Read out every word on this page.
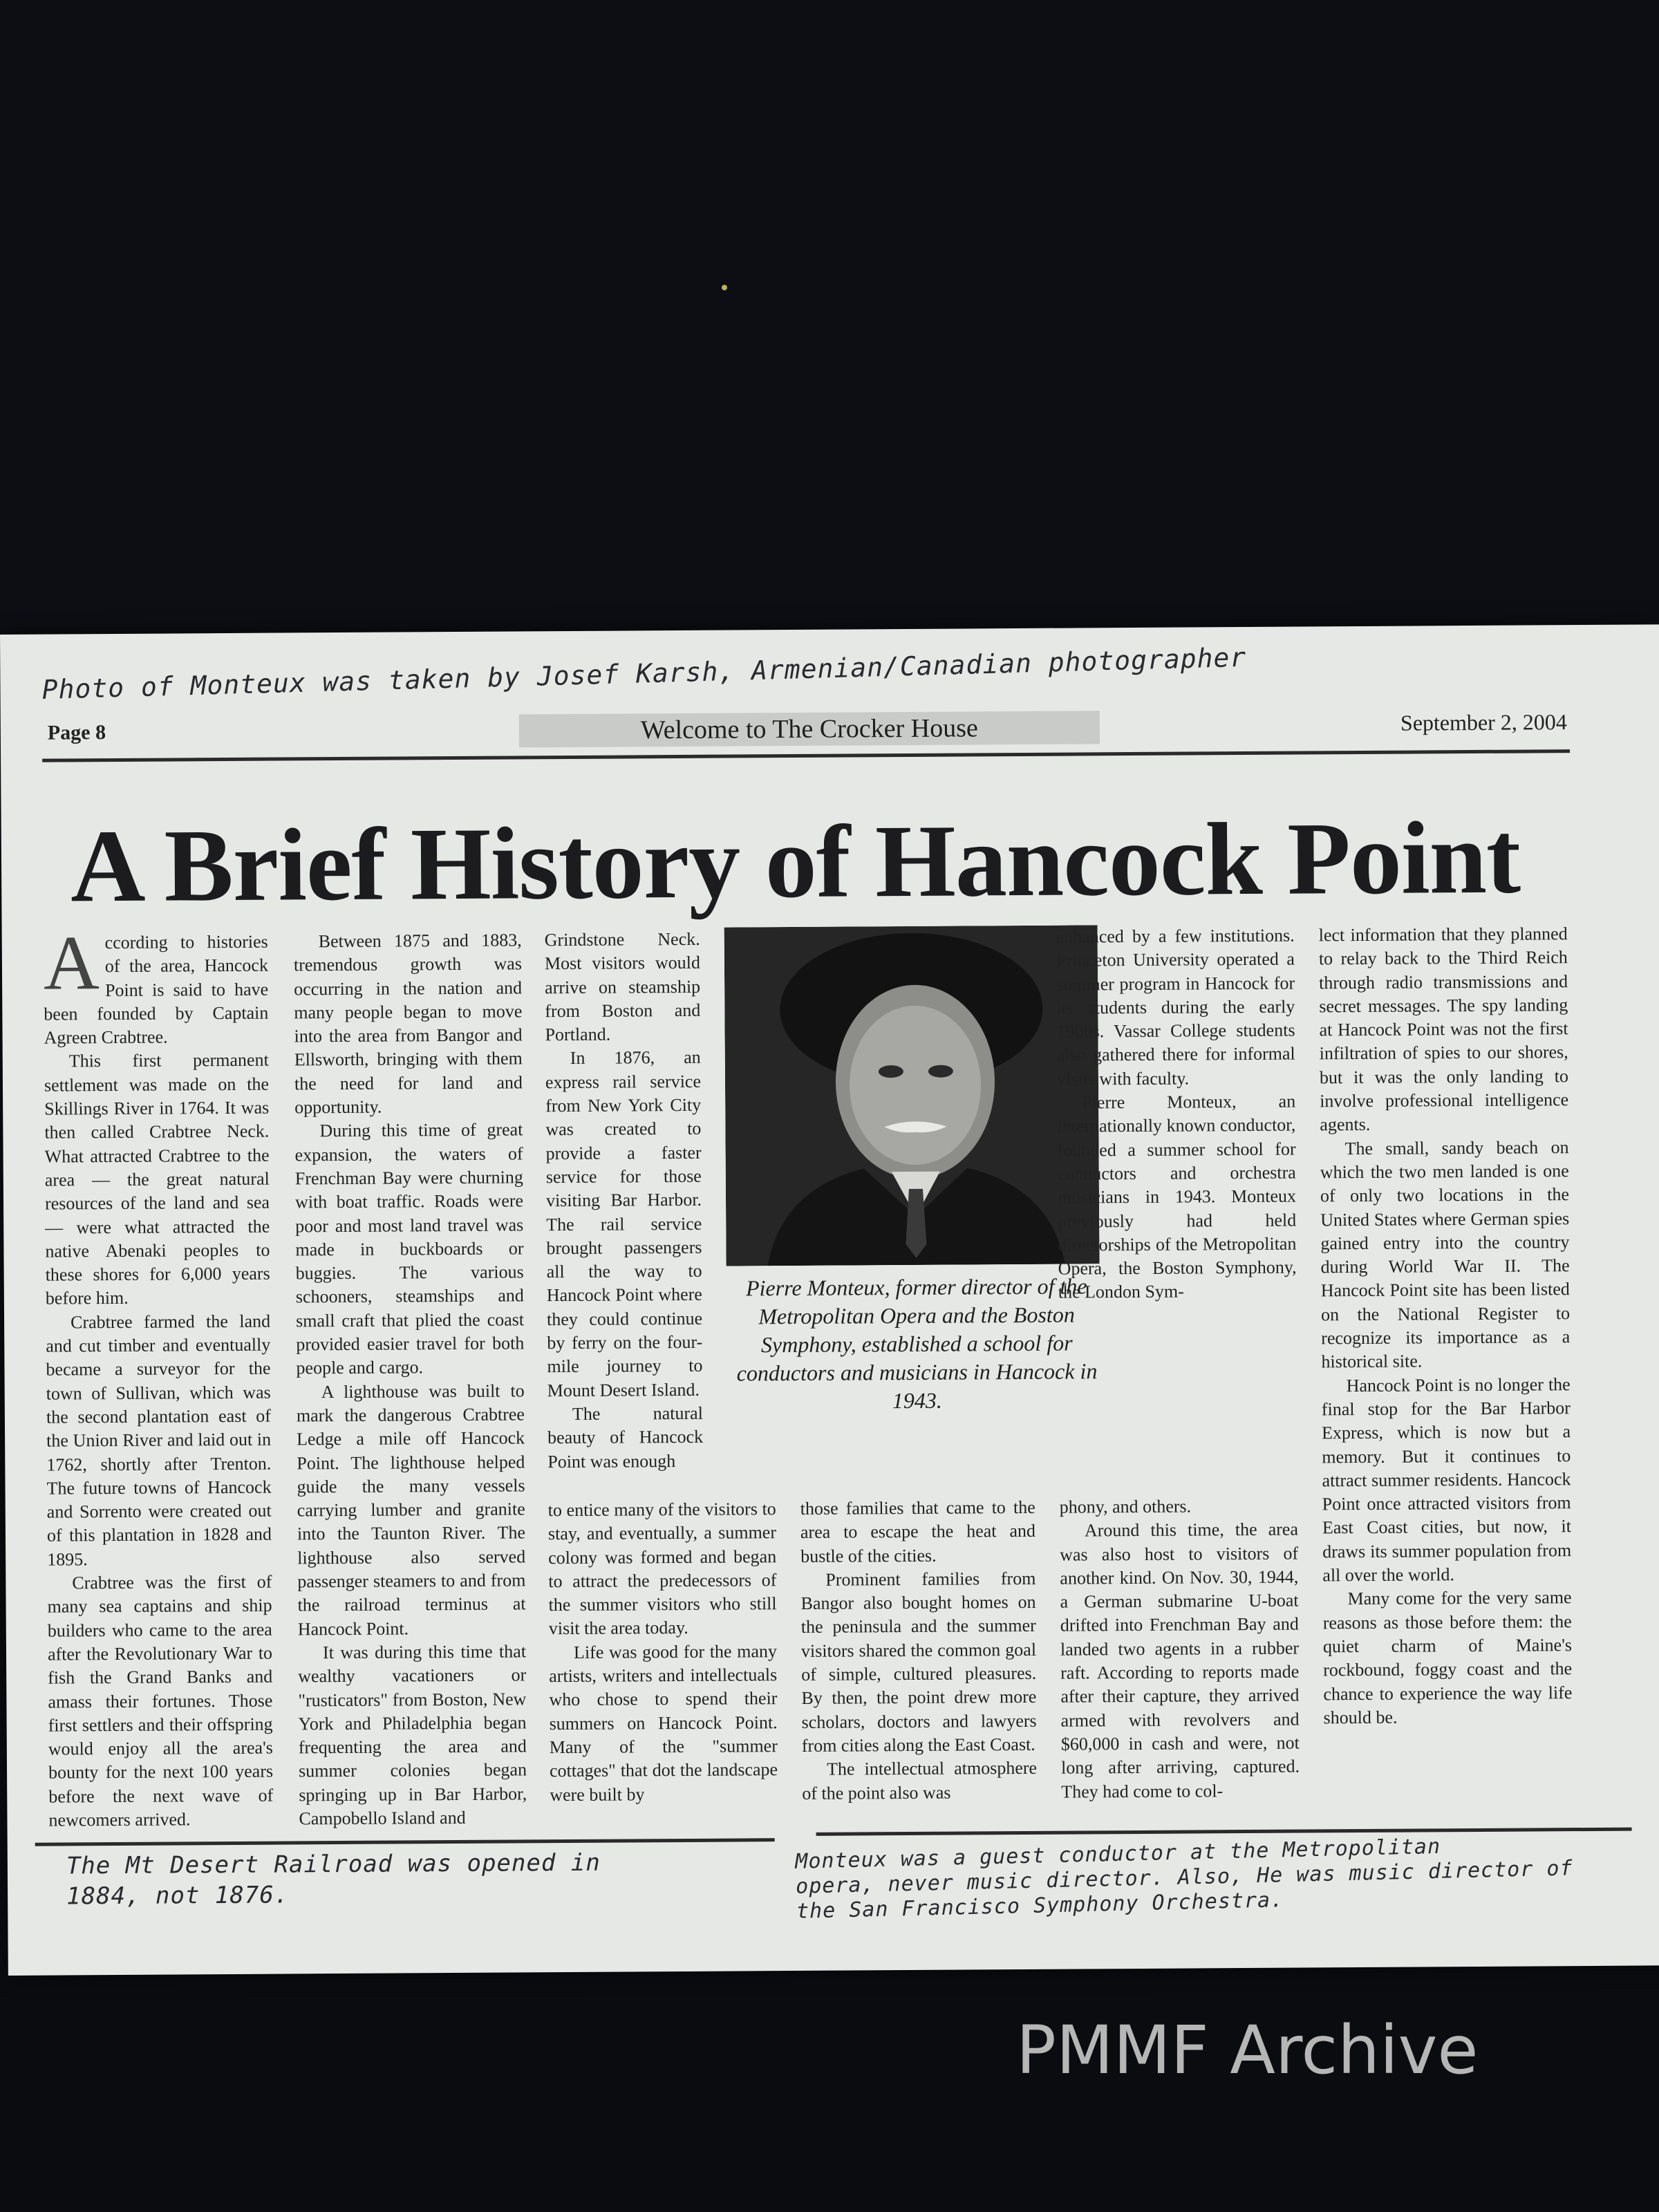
Photo of Monteux was taken by Josef Karsh, Armenian/Canadian photographer
Page 8	Welcome to The Crocker House	September 2, 2004
A Brief History of Hancock Point

According to histories of the area, Hancock Point is said to have been founded by Captain Agreen Crabtree.

This first permanent settlement was made on the Skillings River in 1764. It was then called Crabtree Neck. What attracted Crabtree to the area — the great natural resources of the land and sea — were what attracted the native Abenaki peoples to these shores for 6,000 years before him.

Crabtree farmed the land and cut timber and eventually became a surveyor for the town of Sullivan, which was the second plantation east of the Union River and laid out in 1762, shortly after Trenton. The future towns of Hancock and Sorrento were created out of this plantation in 1828 and 1895.

Crabtree was the first of many sea captains and ship builders who came to the area after the Revolutionary War to fish the Grand Banks and amass their fortunes. Those first settlers and their offspring would enjoy all the area's bounty for the next 100 years before the next wave of newcomers arrived.

Between 1875 and 1883, tremendous growth was occurring in the nation and many people began to move into the area from Bangor and Ellsworth, bringing with them the need for land and opportunity.

During this time of great expansion, the waters of Frenchman Bay were churning with boat traffic. Roads were poor and most land travel was made in buckboards or buggies. The various schooners, steamships and small craft that plied the coast provided easier travel for both people and cargo.

A lighthouse was built to mark the dangerous Crabtree Ledge a mile off Hancock Point. The lighthouse helped guide the many vessels carrying lumber and granite into the Taunton River. The lighthouse also served passenger steamers to and from the railroad terminus at Hancock Point.

It was during this time that wealthy vacationers or "rusticators" from Boston, New York and Philadelphia began frequenting the area and summer colonies began springing up in Bar Harbor, Campobello Island and

Grindstone Neck. Most visitors would arrive on steamship from Boston and Portland.

In 1876, an express rail service from New York City was created to provide a faster service for those visiting Bar Harbor. The rail service brought passengers all the way to Hancock Point where they could continue by ferry on the four-mile journey to Mount Desert Island.

The natural beauty of Hancock Point was enough

Pierre Monteux, former director of the Metropolitan Opera and the Boston Symphony, established a school for conductors and musicians in Hancock in 1943.

to entice many of the visitors to stay, and eventually, a summer colony was formed and began to attract the predecessors of the summer visitors who still visit the area today.

Life was good for the many artists, writers and intellectuals who chose to spend their summers on Hancock Point. Many of the "summer cottages" that dot the landscape were built by

those families that came to the area to escape the heat and bustle of the cities.

Prominent families from Bangor also bought homes on the peninsula and the summer visitors shared the common goal of simple, cultured pleasures. By then, the point drew more scholars, doctors and lawyers from cities along the East Coast.

The intellectual atmosphere of the point also was

enhanced by a few institutions. Princeton University operated a summer program in Hancock for its students during the early 1900s. Vassar College students also gathered there for informal visits with faculty.

Pierre Monteux, an internationally known conductor, founded a summer school for conductors and orchestra musicians in 1943. Monteux previously had held directorships of the Metropolitan Opera, the Boston Symphony, the London Sym-

phony, and others.

Around this time, the area was also host to visitors of another kind. On Nov. 30, 1944, a German submarine U-boat drifted into Frenchman Bay and landed two agents in a rubber raft. According to reports made after their capture, they arrived armed with revolvers and $60,000 in cash and were, not long after arriving, captured. They had come to col-

lect information that they planned to relay back to the Third Reich through radio transmissions and secret messages. The spy landing at Hancock Point was not the first infiltration of spies to our shores, but it was the only landing to involve professional intelligence agents.

The small, sandy beach on which the two men landed is one of only two locations in the United States where German spies gained entry into the country during World War II. The Hancock Point site has been listed on the National Register to recognize its importance as a historical site.

Hancock Point is no longer the final stop for the Bar Harbor Express, which is now but a memory. But it continues to attract summer residents. Hancock Point once attracted visitors from East Coast cities, but now, it draws its summer population from all over the world.

Many come for the very same reasons as those before them: the quiet charm of Maine's rockbound, foggy coast and the chance to experience the way life should be.

The Mt Desert Railroad was opened in
1884, not 1876.
Monteux was a guest conductor at the Metropolitan
opera, never music director. Also, He was music director of
the San Francisco Symphony Orchestra.
PMMF Archive
